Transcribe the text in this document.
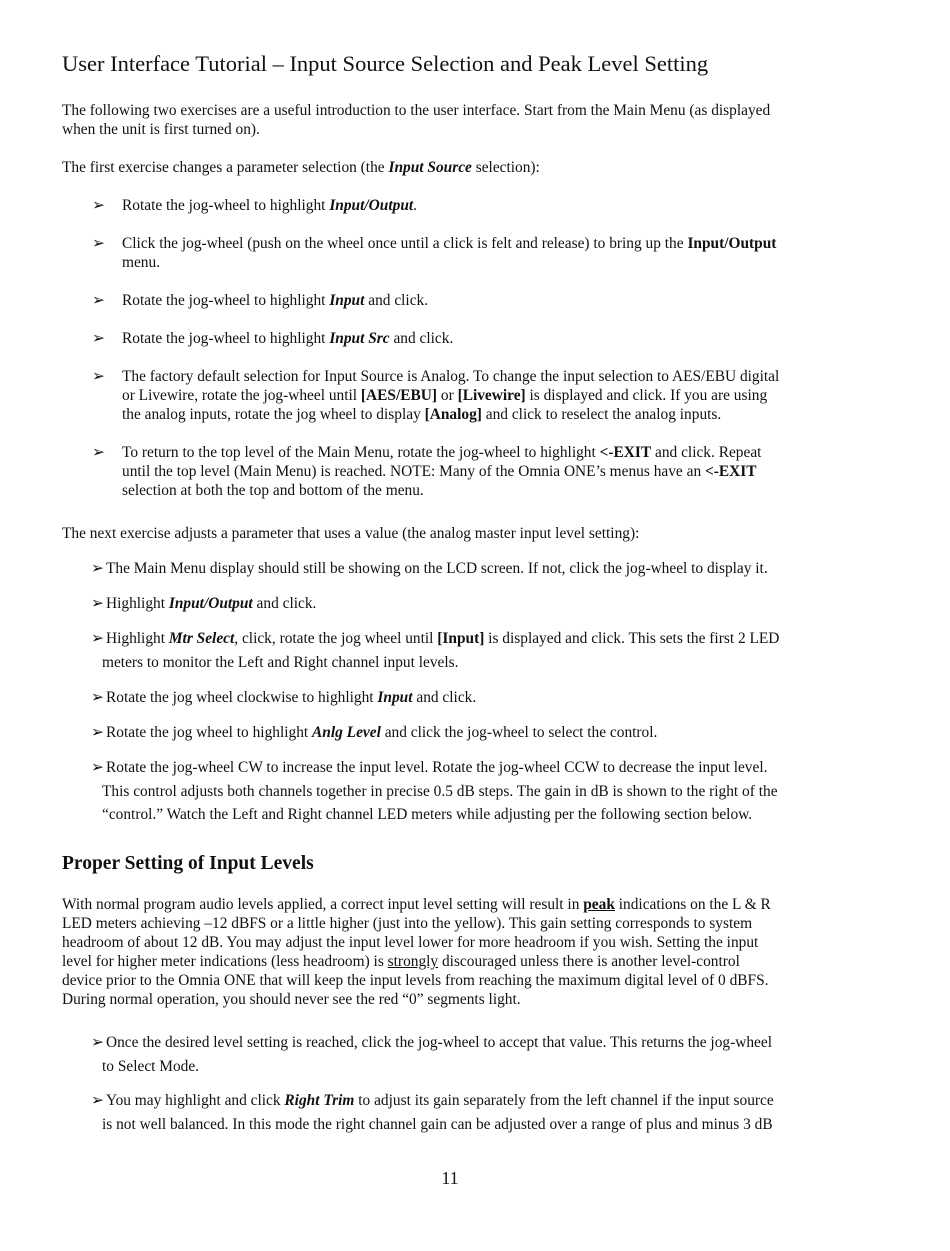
User Interface Tutorial – Input Source Selection and Peak Level Setting

The following two exercises are a useful introduction to the user interface. Start from the Main Menu (as displayed
when the unit is first turned on).

The first exercise changes a parameter selection (the Input Source selection):

➢	Rotate the jog-wheel to highlight Input/Output.

➢	Click the jog-wheel (push on the wheel once until a click is felt and release) to bring up the Input/Output
menu.

➢	Rotate the jog-wheel to highlight Input and click.

➢	Rotate the jog-wheel to highlight Input Src and click.

➢	The factory default selection for Input Source is Analog. To change the input selection to AES/EBU digital
or Livewire, rotate the jog-wheel until [AES/EBU] or [Livewire] is displayed and click. If you are using
the analog inputs, rotate the jog wheel to display [Analog] and click to reselect the analog inputs.

➢	To return to the top level of the Main Menu, rotate the jog-wheel to highlight <-EXIT and click. Repeat
until the top level (Main Menu) is reached. NOTE: Many of the Omnia ONE’s menus have an <-EXIT
selection at both the top and bottom of the menu.

The next exercise adjusts a parameter that uses a value (the analog master input level setting):

➢ The Main Menu display should still be showing on the LCD screen. If not, click the jog-wheel to display it.

➢ Highlight Input/Output and click.

➢ Highlight Mtr Select, click, rotate the jog wheel until [Input] is displayed and click. This sets the first 2 LED
meters to monitor the Left and Right channel input levels.

➢ Rotate the jog wheel clockwise to highlight Input and click.

➢ Rotate the jog wheel to highlight Anlg Level and click the jog-wheel to select the control.

➢ Rotate the jog-wheel CW to increase the input level. Rotate the jog-wheel CCW to decrease the input level.
This control adjusts both channels together in precise 0.5 dB steps. The gain in dB is shown to the right of the
“control.” Watch the Left and Right channel LED meters while adjusting per the following section below.

Proper Setting of Input Levels

With normal program audio levels applied, a correct input level setting will result in peak indications on the L & R
LED meters achieving –12 dBFS or a little higher (just into the yellow). This gain setting corresponds to system
headroom of about 12 dB. You may adjust the input level lower for more headroom if you wish. Setting the input
level for higher meter indications (less headroom) is strongly discouraged unless there is another level-control
device prior to the Omnia ONE that will keep the input levels from reaching the maximum digital level of 0 dBFS.
During normal operation, you should never see the red “0” segments light.

➢ Once the desired level setting is reached, click the jog-wheel to accept that value. This returns the jog-wheel
to Select Mode.

➢ You may highlight and click Right Trim to adjust its gain separately from the left channel if the input source
is not well balanced. In this mode the right channel gain can be adjusted over a range of plus and minus 3 dB

11
